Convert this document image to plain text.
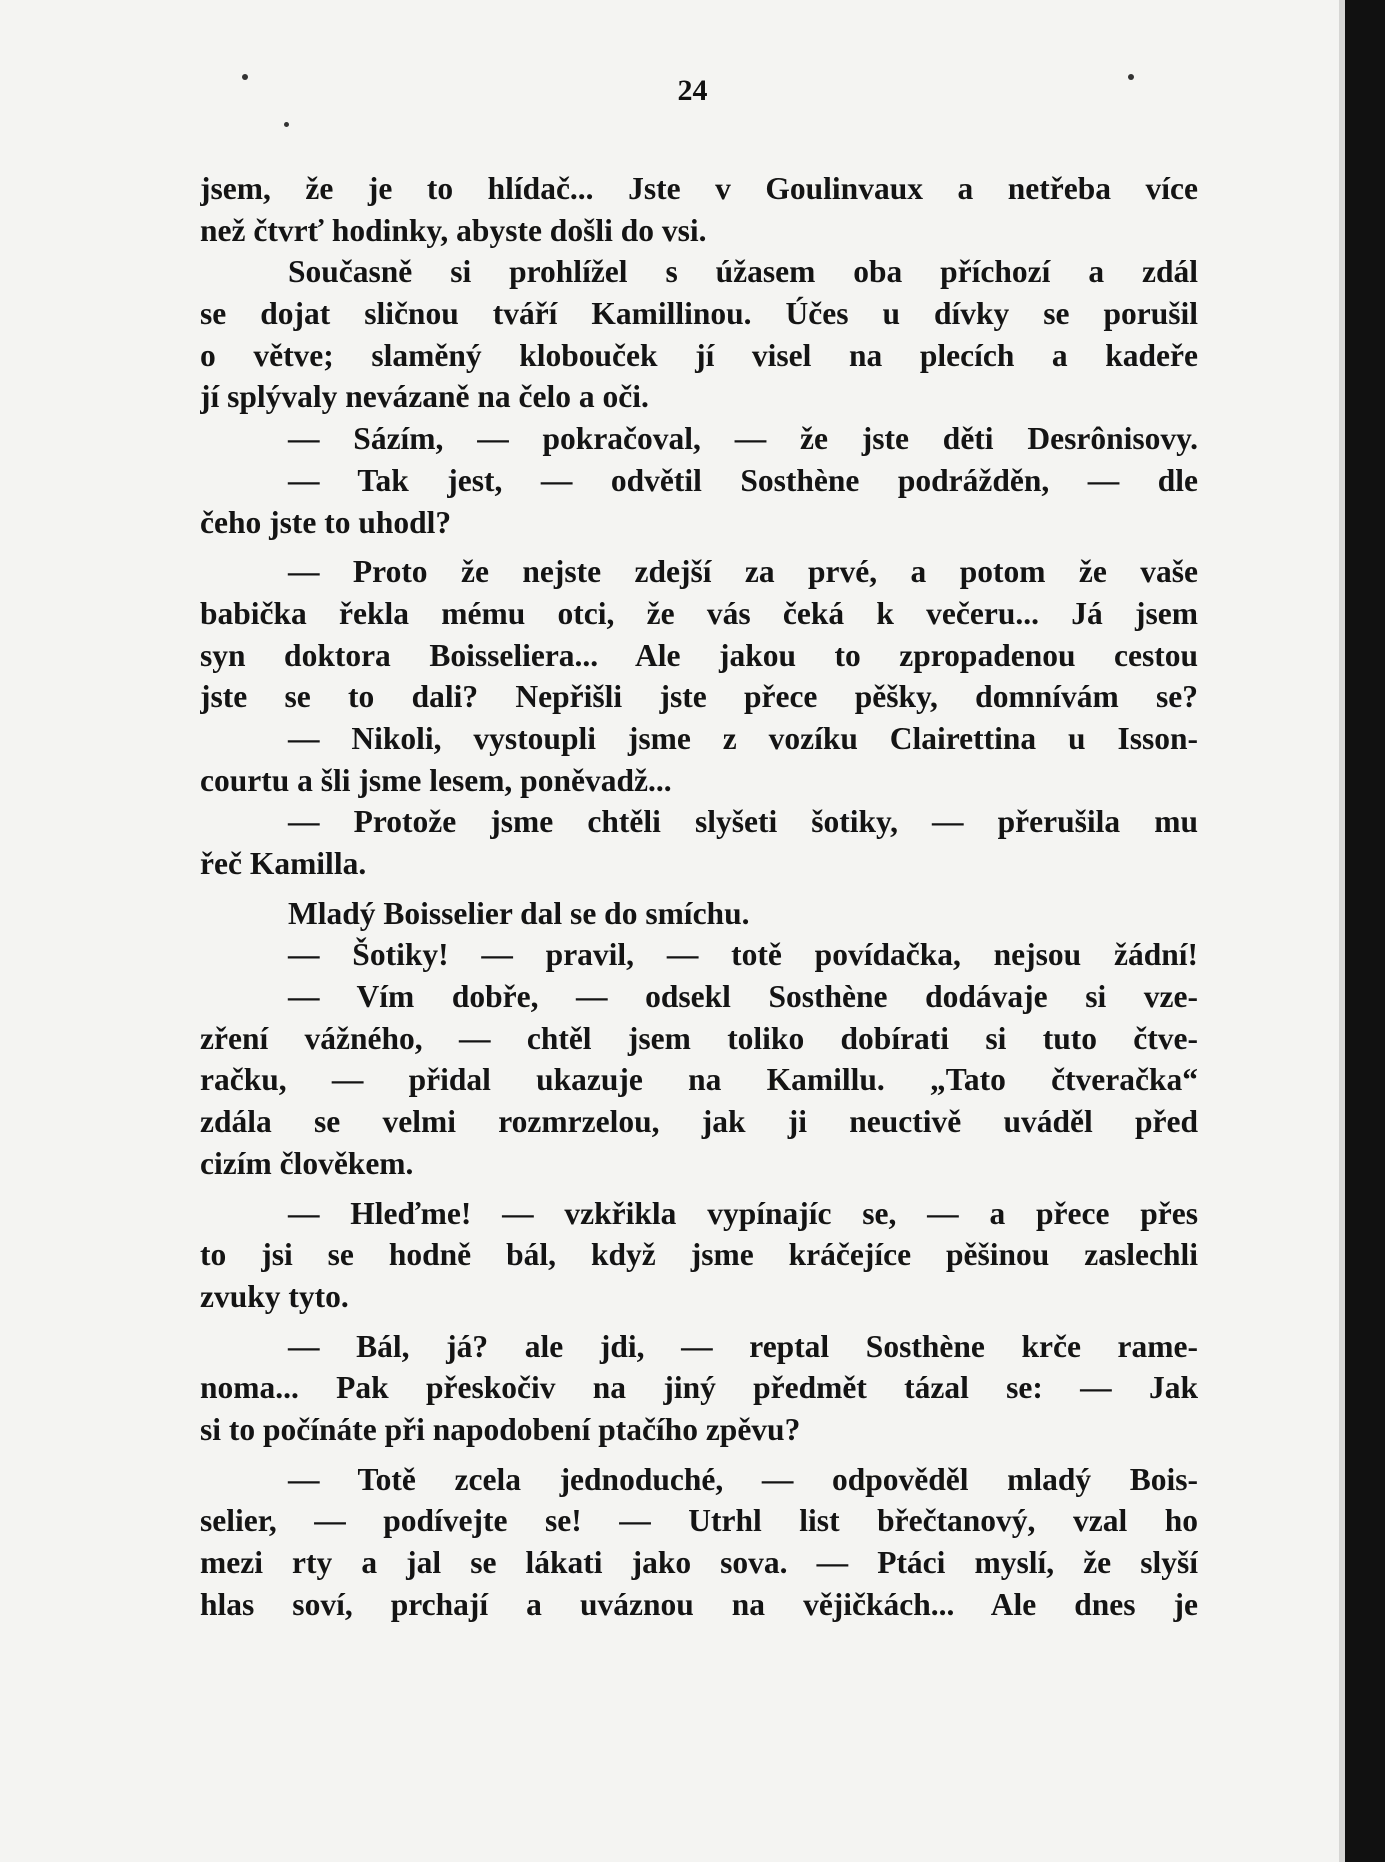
24
jsem, že je to hlídač... Jste v Goulinvaux a netřeba více
než čtvrť hodinky, abyste došli do vsi.
Současně si prohlížel s úžasem oba příchozí a zdál
se dojat sličnou tváří Kamillinou. Účes u dívky se porušil
o větve; slaměný klobouček jí visel na plecích a kadeře
jí splývaly nevázaně na čelo a oči.
— Sázím, — pokračoval, — že jste děti Desrônisovy.
— Tak jest, — odvětil Sosthène podrážděn, — dle
čeho jste to uhodl?
— Proto že nejste zdejší za prvé, a potom že vaše
babička řekla mému otci, že vás čeká k večeru... Já jsem
syn doktora Boisseliera... Ale jakou to zpropadenou cestou
jste se to dali? Nepřišli jste přece pěšky, domnívám se?
— Nikoli, vystoupli jsme z vozíku Clairettina u Isson-
courtu a šli jsme lesem, poněvadž...
— Protože jsme chtěli slyšeti šotiky, — přerušila mu
řeč Kamilla.
Mladý Boisselier dal se do smíchu.
— Šotiky! — pravil, — totě povídačka, nejsou žádní!
— Vím dobře, — odsekl Sosthène dodávaje si vze-
zření vážného, — chtěl jsem toliko dobírati si tuto čtve-
račku, — přidal ukazuje na Kamillu. „Tato čtveračka“
zdála se velmi rozmrzelou, jak ji neuctivě uváděl před
cizím člověkem.
— Hleďme! — vzkřikla vypínajíc se, — a přece přes
to jsi se hodně bál, když jsme kráčejíce pěšinou zaslechli
zvuky tyto.
— Bál, já? ale jdi, — reptal Sosthène krče rame-
noma... Pak přeskočiv na jiný předmět tázal se: — Jak
si to počínáte při napodobení ptačího zpěvu?
— Totě zcela jednoduché, — odpověděl mladý Bois-
selier, — podívejte se! — Utrhl list břečtanový, vzal ho
mezi rty a jal se lákati jako sova. — Ptáci myslí, že slyší
hlas soví, prchají a uváznou na vějičkách... Ale dnes je
